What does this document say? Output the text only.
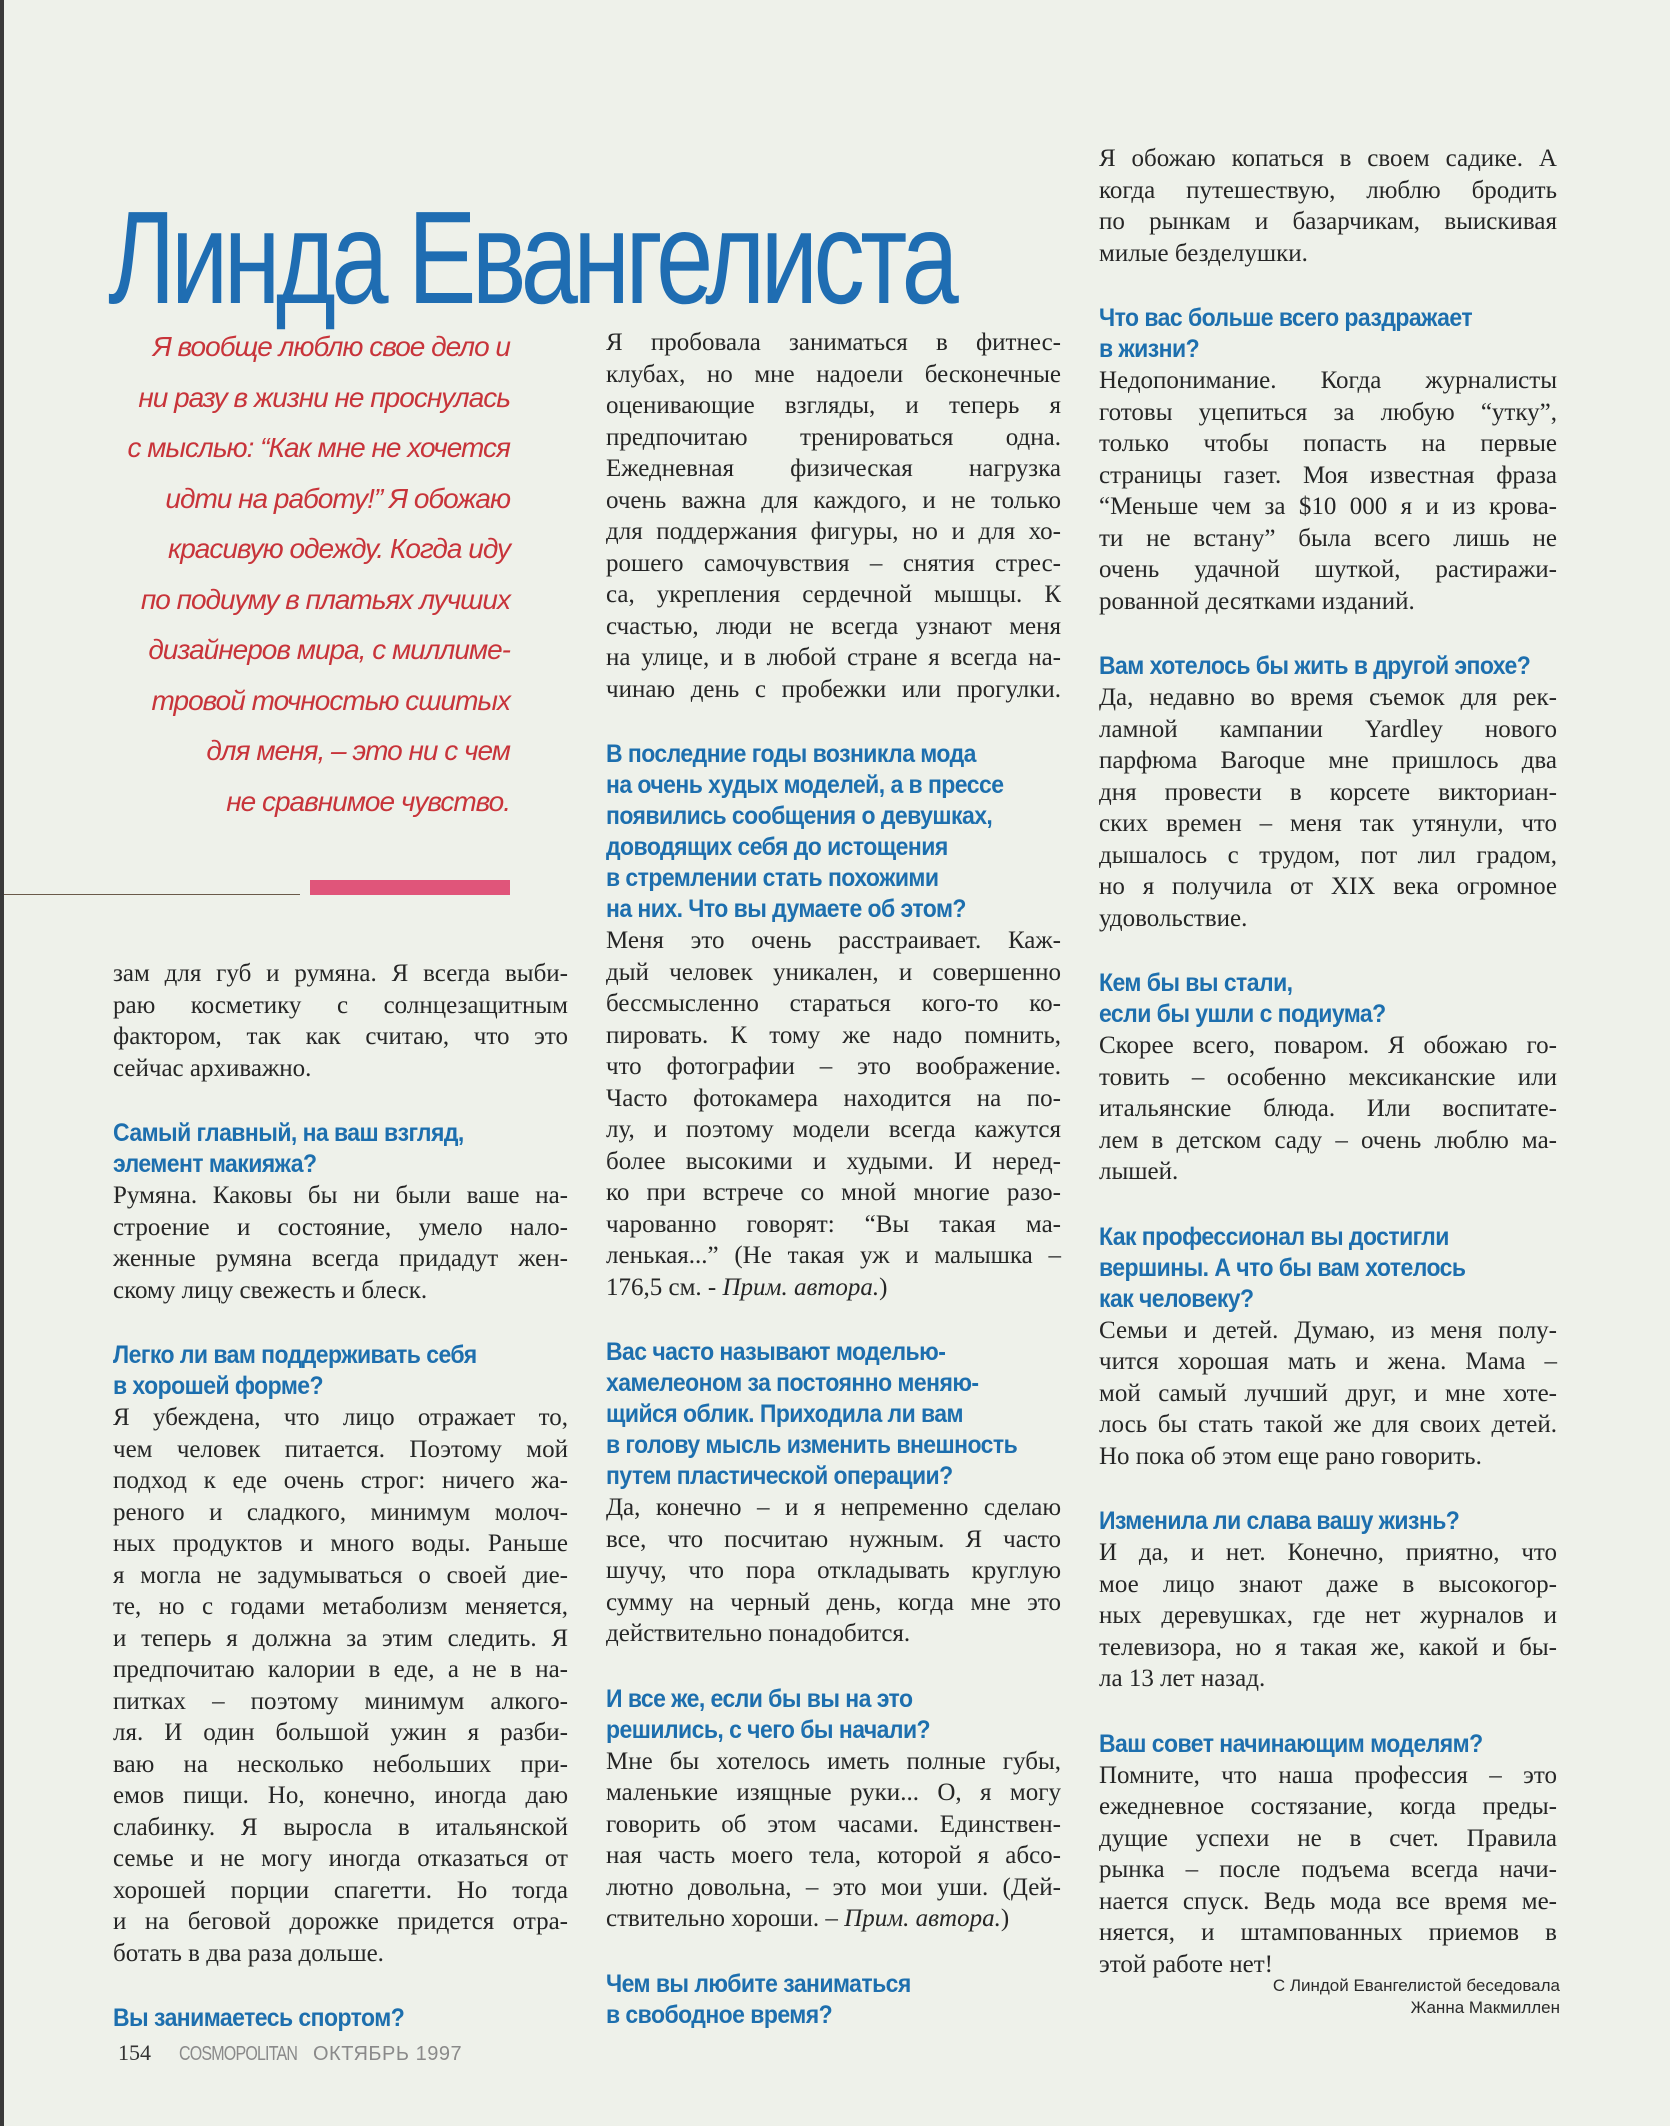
Линда Евангелиста
Я вообще люблю свое дело и
ни разу в жизни не проснулась
с мыслью: “Как мне не хочется
идти на работу!” Я обожаю
красивую одежду. Когда иду
по подиуму в платьях лучших
дизайнеров мира, с миллиме-
тровой точностью сшитых
для меня, – это ни с чем
не сравнимое чувство.

зам для губ и румяна. Я всегда выби-
раю косметику с солнцезащитным
фактором, так как считаю, что это
сейчас архиважно.

Самый главный, на ваш взгляд,
элемент макияжа?

Румяна. Каковы бы ни были ваше на-
строение и состояние, умело нало-
женные румяна всегда придадут жен-
скому лицу свежесть и блеск.

Легко ли вам поддерживать себя
в хорошей форме?

Я убеждена, что лицо отражает то,
чем человек питается. Поэтому мой
подход к еде очень строг: ничего жа-
реного и сладкого, минимум молоч-
ных продуктов и много воды. Раньше
я могла не задумываться о своей дие-
те, но с годами метаболизм меняется,
и теперь я должна за этим следить. Я
предпочитаю калории в еде, а не в на-
питках – поэтому минимум алкого-
ля. И один большой ужин я разби-
ваю на несколько небольших при-
емов пищи. Но, конечно, иногда даю
слабинку. Я выросла в итальянской
семье и не могу иногда отказаться от
хорошей порции спагетти. Но тогда
и на беговой дорожке придется отра-
ботать в два раза дольше.

Вы занимаетесь спортом?

Я пробовала заниматься в фитнес-
клубах, но мне надоели бесконечные
оценивающие взгляды, и теперь я
предпочитаю тренироваться одна.
Ежедневная физическая нагрузка
очень важна для каждого, и не только
для поддержания фигуры, но и для хо-
рошего самочувствия – снятия стрес-
са, укрепления сердечной мышцы. К
счастью, люди не всегда узнают меня
на улице, и в любой стране я всегда на-
чинаю день с пробежки или прогулки.

В последние годы возникла мода
на очень худых моделей, а в прессе
появились сообщения о девушках,
доводящих себя до истощения
в стремлении стать похожими
на них. Что вы думаете об этом?

Меня это очень расстраивает. Каж-
дый человек уникален, и совершенно
бессмысленно стараться кого-то ко-
пировать. К тому же надо помнить,
что фотографии – это воображение.
Часто фотокамера находится на по-
лу, и поэтому модели всегда кажутся
более высокими и худыми. И неред-
ко при встрече со мной многие разо-
чарованно говорят: “Вы такая ма-
ленькая...” (Не такая уж и малышка –
176,5 см. - Прим. автора.)

Вас часто называют моделью-
хамелеоном за постоянно меняю-
щийся облик. Приходила ли вам
в голову мысль изменить внешность
путем пластической операции?

Да, конечно – и я непременно сделаю
все, что посчитаю нужным. Я часто
шучу, что пора откладывать круглую
сумму на черный день, когда мне это
действительно понадобится.

И все же, если бы вы на это
решились, с чего бы начали?

Мне бы хотелось иметь полные губы,
маленькие изящные руки... О, я могу
говорить об этом часами. Единствен-
ная часть моего тела, которой я абсо-
лютно довольна, – это мои уши. (Дей-
ствительно хороши. – Прим. автора.)

Чем вы любите заниматься
в свободное время?

Я обожаю копаться в своем садике. А
когда путешествую, люблю бродить
по рынкам и базарчикам, выискивая
милые безделушки.

Что вас больше всего раздражает
в жизни?

Недопонимание. Когда журналисты
готовы уцепиться за любую “утку”,
только чтобы попасть на первые
страницы газет. Моя известная фраза
“Меньше чем за $10 000 я и из крова-
ти не встану” была всего лишь не
очень удачной шуткой, растиражи-
рованной десятками изданий.

Вам хотелось бы жить в другой эпохе?

Да, недавно во время съемок для рек-
ламной кампании Yardley нового
парфюма Baroque мне пришлось два
дня провести в корсете викториан-
ских времен – меня так утянули, что
дышалось с трудом, пот лил градом,
но я получила от XIX века огромное
удовольствие.

Кем бы вы стали,
если бы ушли с подиума?

Скорее всего, поваром. Я обожаю го-
товить – особенно мексиканские или
итальянские блюда. Или воспитате-
лем в детском саду – очень люблю ма-
лышей.

Как профессионал вы достигли
вершины. А что бы вам хотелось
как человеку?

Семьи и детей. Думаю, из меня полу-
чится хорошая мать и жена. Мама –
мой самый лучший друг, и мне хоте-
лось бы стать такой же для своих детей.
Но пока об этом еще рано говорить.

Изменила ли слава вашу жизнь?

И да, и нет. Конечно, приятно, что
мое лицо знают даже в высокогор-
ных деревушках, где нет журналов и
телевизора, но я такая же, какой и бы-
ла 13 лет назад.

Ваш совет начинающим моделям?

Помните, что наша профессия – это
ежедневное состязание, когда преды-
дущие успехи не в счет. Правила
рынка – после подъема всегда начи-
нается спуск. Ведь мода все время ме-
няется, и штампованных приемов в
этой работе нет!

С Линдой Евангелистой беседовала
Жанна Макмиллен
154 COSMOPOLITAN ОКТЯБРЬ 1997
